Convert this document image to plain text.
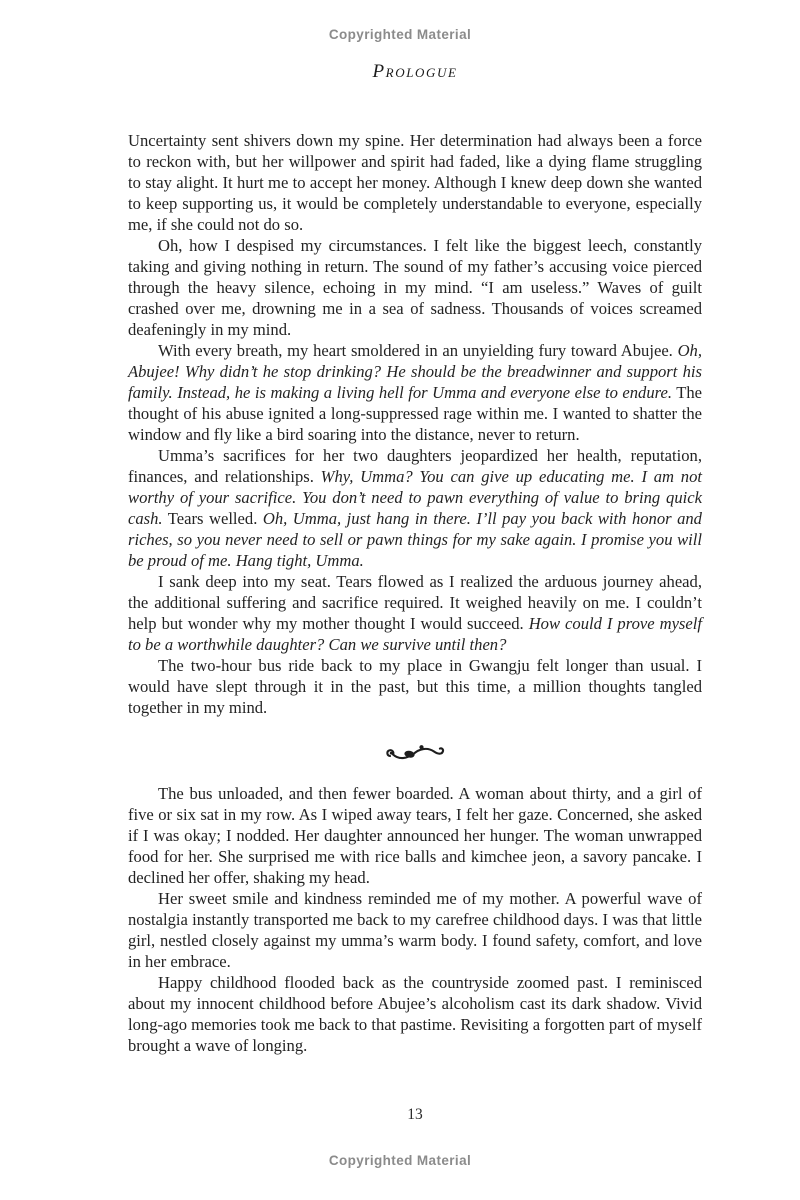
Copyrighted Material
Prologue

Uncertainty sent shivers down my spine. Her determination had always been a force to reckon with, but her willpower and spirit had faded, like a dying flame struggling to stay alight. It hurt me to accept her money. Although I knew deep down she wanted to keep supporting us, it would be completely understandable to everyone, especially me, if she could not do so.

Oh, how I despised my circumstances. I felt like the biggest leech, constantly taking and giving nothing in return. The sound of my father’s accusing voice pierced through the heavy silence, echoing in my mind. “I am useless.” Waves of guilt crashed over me, drowning me in a sea of sadness. Thousands of voices screamed deafeningly in my mind.

With every breath, my heart smoldered in an unyielding fury toward Abujee. Oh, Abujee! Why didn’t he stop drinking? He should be the breadwinner and support his family. Instead, he is making a living hell for Umma and everyone else to endure. The thought of his abuse ignited a long-suppressed rage within me. I wanted to shatter the window and fly like a bird soaring into the distance, never to return.

Umma’s sacrifices for her two daughters jeopardized her health, reputation, finances, and relationships. Why, Umma? You can give up educating me. I am not worthy of your sacrifice. You don’t need to pawn everything of value to bring quick cash. Tears welled. Oh, Umma, just hang in there. I’ll pay you back with honor and riches, so you never need to sell or pawn things for my sake again. I promise you will be proud of me. Hang tight, Umma.

I sank deep into my seat. Tears flowed as I realized the arduous journey ahead, the additional suffering and sacrifice required. It weighed heavily on me. I couldn’t help but wonder why my mother thought I would succeed. How could I prove myself to be a worthwhile daughter? Can we survive until then?

The two-hour bus ride back to my place in Gwangju felt longer than usual. I would have slept through it in the past, but this time, a million thoughts tangled together in my mind.

The bus unloaded, and then fewer boarded. A woman about thirty, and a girl of five or six sat in my row. As I wiped away tears, I felt her gaze. Concerned, she asked if I was okay; I nodded. Her daughter announced her hunger. The woman unwrapped food for her. She surprised me with rice balls and kimchee jeon, a savory pancake. I declined her offer, shaking my head.

Her sweet smile and kindness reminded me of my mother. A powerful wave of nostalgia instantly transported me back to my carefree childhood days. I was that little girl, nestled closely against my umma’s warm body. I found safety, comfort, and love in her embrace.

Happy childhood flooded back as the countryside zoomed past. I reminisced about my innocent childhood before Abujee’s alcoholism cast its dark shadow. Vivid long-ago memories took me back to that pastime. Revisiting a forgotten part of myself brought a wave of longing.

13
Copyrighted Material
